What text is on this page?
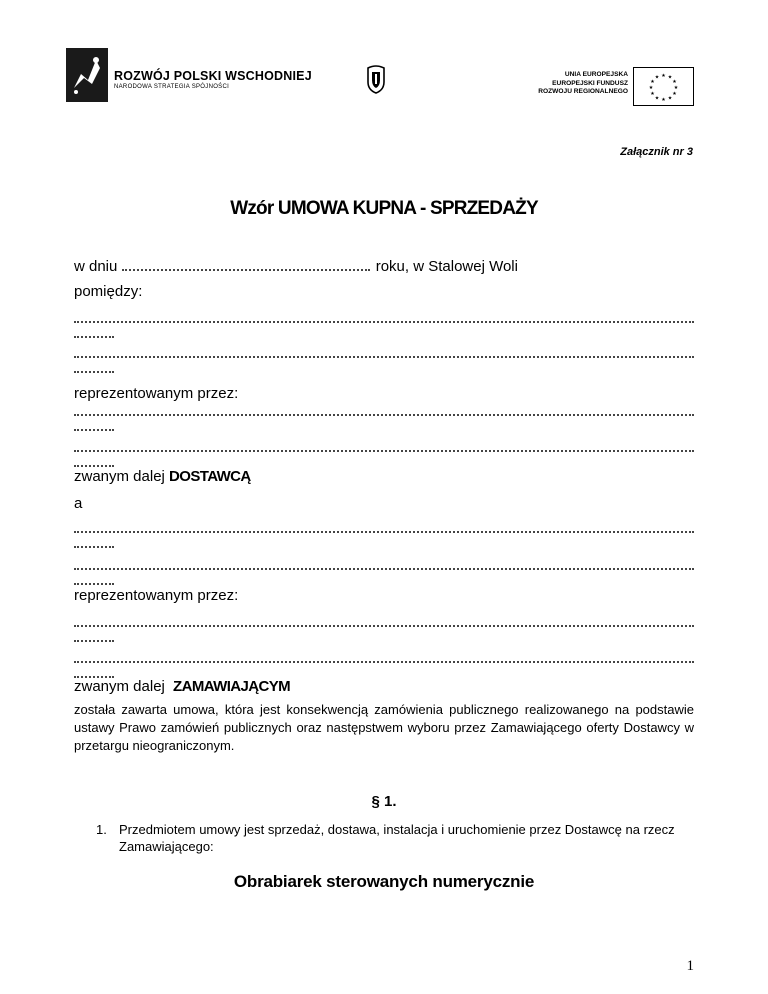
ROZWÓJ POLSKI WSCHODNIEJ
NARODOWA STRATEGIA SPÓJNOŚCI
UNIA EUROPEJSKA
EUROPEJSKI FUNDUSZ
ROZWOJU REGIONALNEGO
★ ★
★
★
★
★
★
★
★
★
★
★
Załącznik nr 3
Wzór UMOWA KUPNA - SPRZEDAŻY
w dniu	roku, w Stalowej Woli
pomiędzy:
reprezentowanym przez:
zwanym dalej DOSTAWCĄ
a
reprezentowanym przez:
zwanym dalej ZAMAWIAJĄCYM
została zawarta umowa, która jest konsekwencją zamówienia publicznego realizowanego na podstawie ustawy Prawo zamówień publicznych oraz następstwem wyboru przez Zamawiającego oferty Dostawcy w przetargu nieograniczonym.
§ 1.
1. Przedmiotem umowy jest sprzedaż, dostawa, instalacja i uruchomienie przez Dostawcę na rzecz Zamawiającego:
Obrabiarek sterowanych numerycznie
1
